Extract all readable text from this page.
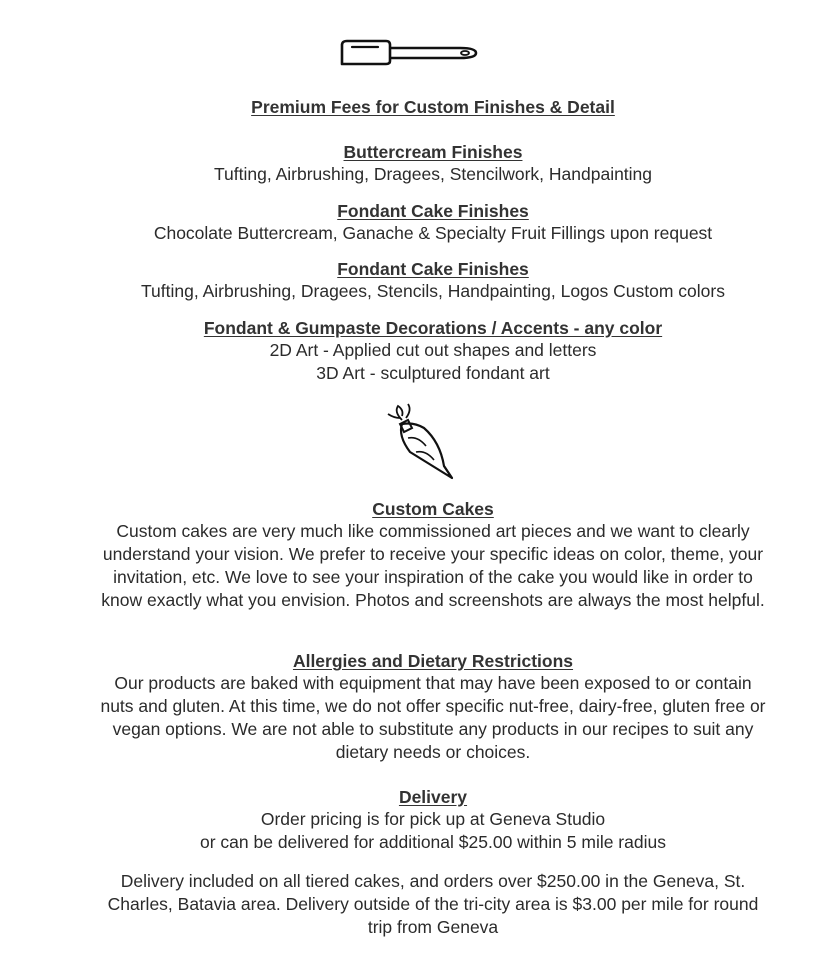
Premium Fees for Custom Finishes & Detail
Buttercream Finishes
Tufting, Airbrushing, Dragees, Stencilwork, Handpainting
Fondant Cake Finishes
Chocolate Buttercream, Ganache & Specialty Fruit Fillings upon request
Fondant Cake Finishes
Tufting, Airbrushing, Dragees, Stencils, Handpainting, Logos Custom colors
Fondant & Gumpaste Decorations / Accents - any color
2D Art - Applied cut out shapes and letters
3D Art - sculptured fondant art
Custom Cakes
Custom cakes are very much like commissioned art pieces and we want to clearly understand your vision. We prefer to receive your specific ideas on color, theme, your invitation, etc. We love to see your inspiration of the cake you would like in order to know exactly what you envision. Photos and screenshots are always the most helpful.
Allergies and Dietary Restrictions
Our products are baked with equipment that may have been exposed to or contain nuts and gluten. At this time, we do not offer specific nut-free, dairy-free, gluten free or vegan options. We are not able to substitute any products in our recipes to suit any dietary needs or choices.
Delivery
Order pricing is for pick up at Geneva Studio
or can be delivered for additional $25.00 within 5 mile radius
Delivery included on all tiered cakes, and orders over $250.00 in the Geneva, St. Charles, Batavia area. Delivery outside of the tri-city area is $3.00 per mile for round trip from Geneva
